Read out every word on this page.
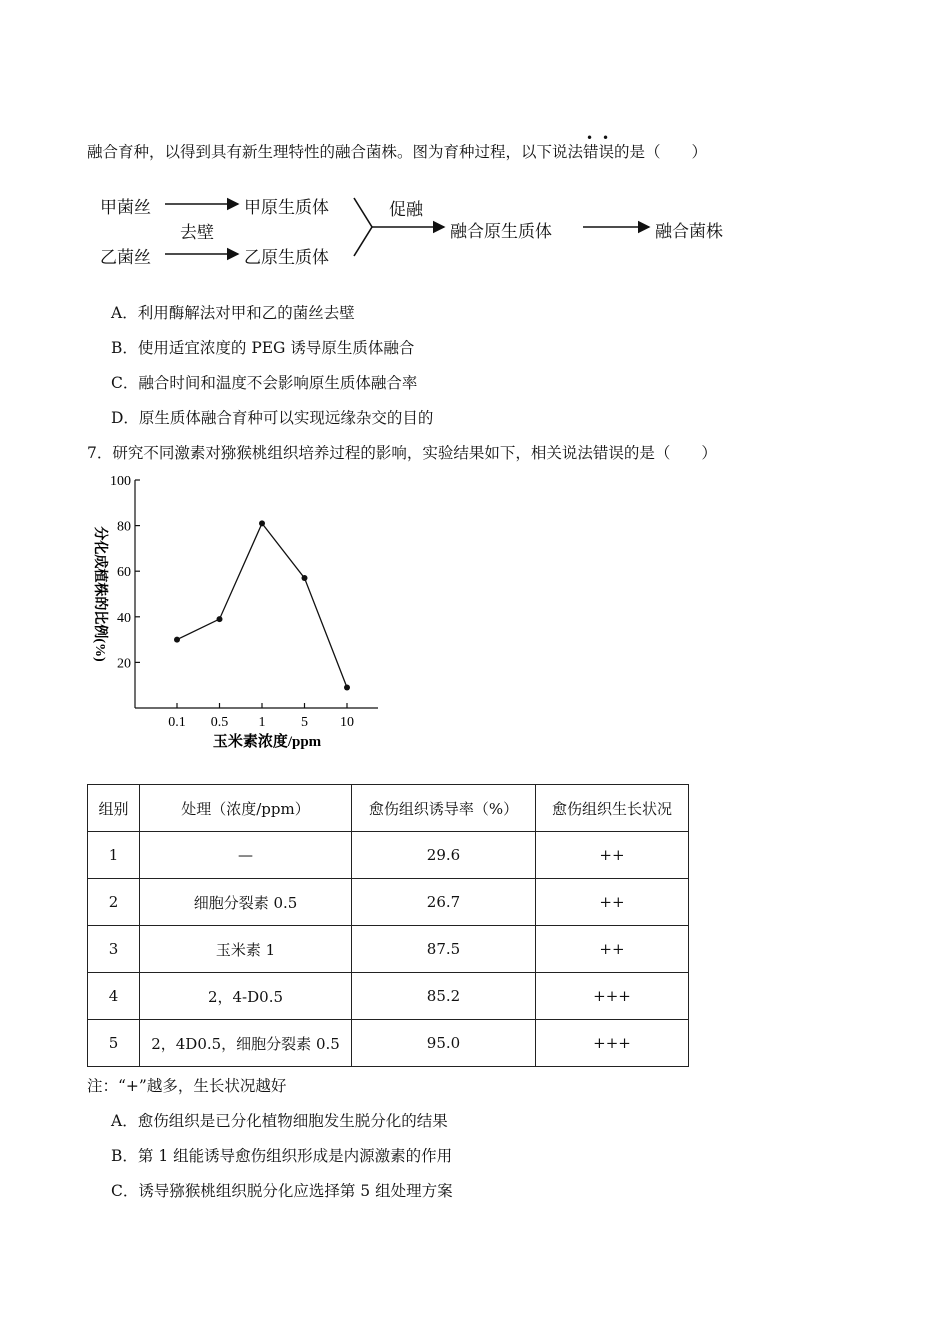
融合育种，以得到具有新生理特性的融合菌株。图为育种过程，以下说法
• •
错误的是（　　）
甲菌丝
乙菌丝
去壁
甲原生质体
乙原生质体
促融
融合原生质体	融合菌株
A．利用酶解法对甲和乙的菌丝去壁
B．使用适宜浓度的 PEG 诱导原生质体融合
C．融合时间和温度不会影响原生质体融合率
D．原生质体融合育种可以实现远缘杂交的目的
7．研究不同激素对猕猴桃组织培养过程的影响，实验结果如下，相关说法错误的是（　　）
20
40
60
80
100
0.1 0.5 1	5 10
分化成植株的比例(%)
玉米素浓度/ppm
组别	处理（浓度/ppm）	愈伤组织诱导率（%）	愈伤组织生长状况
1	—	29.6	++
2	细胞分裂素 0.5	26.7	++
3	玉米素 1	87.5	++
4	2，4-D0.5	85.2	+++
5	2，4D0.5，细胞分裂素 0.5	95.0	+++
注：“+”越多，生长状况越好
A．愈伤组织是已分化植物细胞发生脱分化的结果
B．第 1 组能诱导愈伤组织形成是内源激素的作用
C．诱导猕猴桃组织脱分化应选择第 5 组处理方案
